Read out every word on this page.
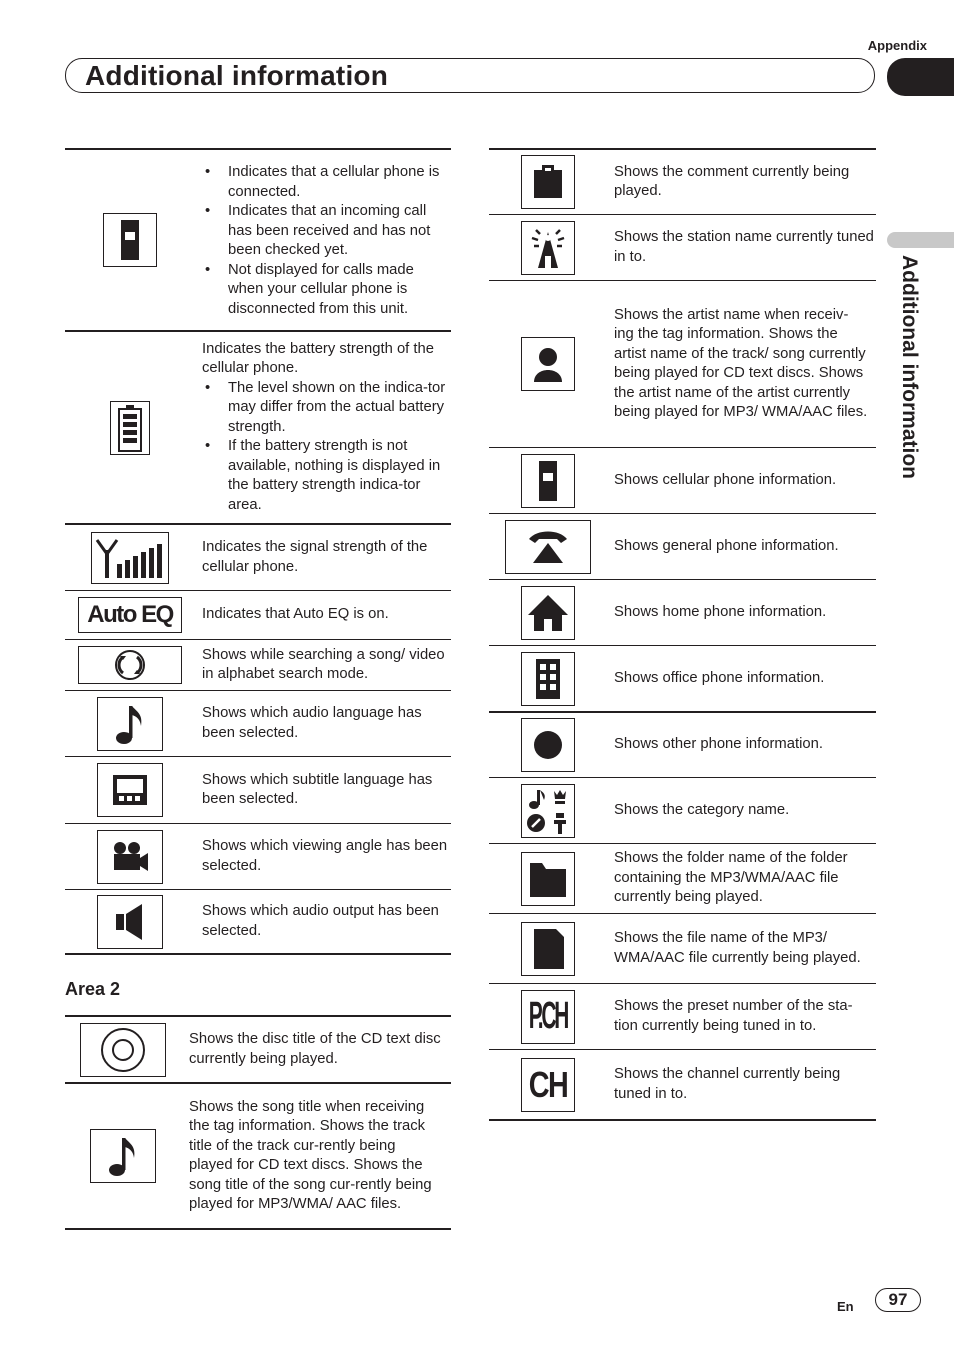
Appendix
Additional information
Additional information
• Indicates that a cellular phone is connected.
• Indicates that an incoming call has been received and has not been checked yet.
• Not displayed for calls made when your cellular phone is disconnected from this unit.
Indicates the battery strength of the cellular phone.
• The level shown on the indica-tor may differ from the actual battery strength.
• If the battery strength is not available, nothing is displayed in the battery strength indica-tor area.
Indicates the signal strength of the cellular phone.
Auto EQ	Indicates that Auto EQ is on.
Shows while searching a song/ video in alphabet search mode.
Shows which audio language has been selected.
Shows which subtitle language has been selected.
Shows which viewing angle has been selected.
Shows which audio output has been selected.
Area 2
Shows the disc title of the CD text disc currently being played.
Shows the song title when receiving the tag information. Shows the track title of the track cur-rently being played for CD text discs. Shows the song title of the song cur-rently being played for MP3/WMA/ AAC files.
Shows the comment currently being played.
Shows the station name currently tuned in to.
Shows the artist name when receiv-ing the tag information. Shows the artist name of the track/ song currently being played for CD text discs. Shows the artist name of the artist currently being played for MP3/ WMA/AAC files.
Shows cellular phone information.
Shows general phone information.
Shows home phone information.
Shows office phone information.
Shows other phone information.
Shows the category name.
Shows the folder name of the folder containing the MP3/WMA/AAC file currently being played.
Shows the file name of the MP3/ WMA/AAC file currently being played.
P.CH	Shows the preset number of the sta-tion currently being tuned in to.
CH	Shows the channel currently being tuned in to.
En	97
